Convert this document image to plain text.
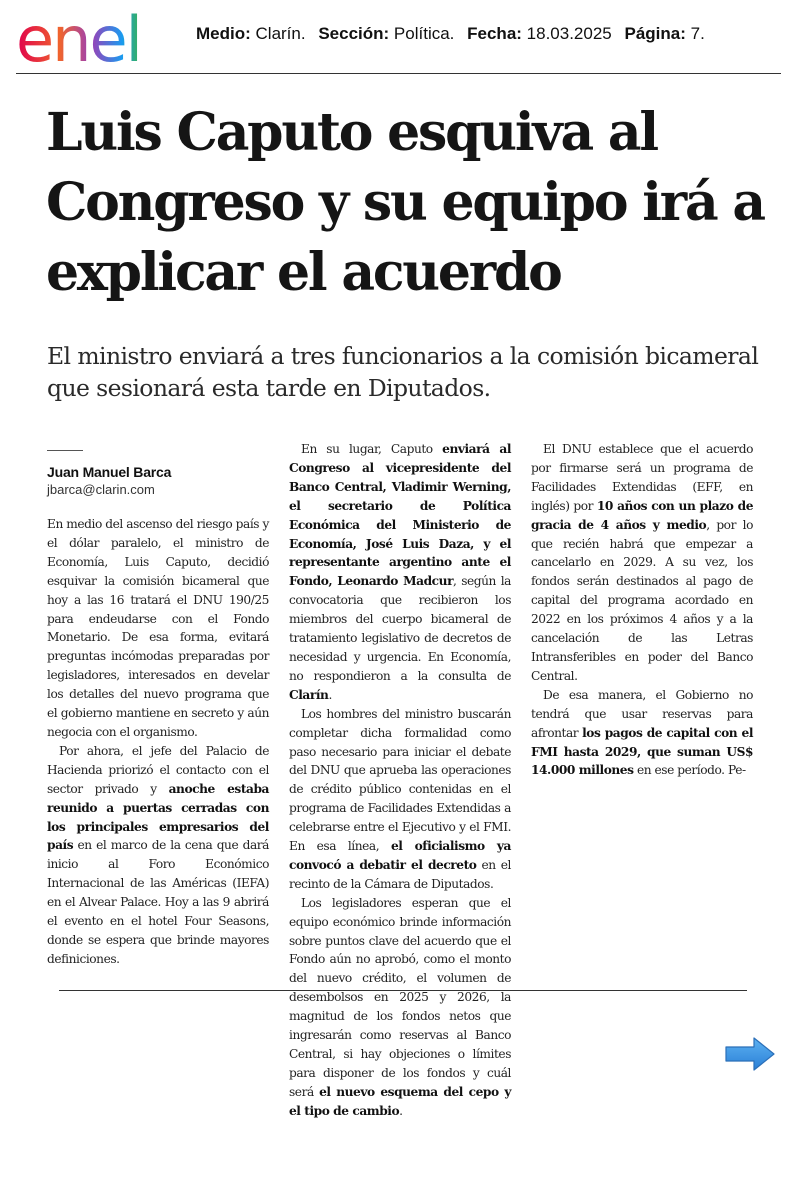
enel	Medio: Clarín. Sección: Política. Fecha: 18.03.2025 Página: 7.
Luis Caputo esquiva al Congreso y su equipo irá a explicar el acuerdo

El ministro enviará a tres funcionarios a la comisión bicameral que sesionará esta tarde en Diputados.

Juan Manuel Barca
jbarca@clarin.com

En medio del ascenso del riesgo país y el dólar paralelo, el ministro de Economía, Luis Caputo, decidió esquivar la comisión bicameral que hoy a las 16 tratará el DNU 190/25 para endeudarse con el Fondo Monetario. De esa forma, evitará preguntas incómodas preparadas por legisladores, interesados en develar los detalles del nuevo programa que el gobierno mantiene en secreto y aún negocia con el organismo.

Por ahora, el jefe del Palacio de Hacienda priorizó el contacto con el sector privado y anoche estaba reunido a puertas cerradas con los principales empresarios del país en el marco de la cena que dará inicio al Foro Económico Internacional de las Américas (IEFA) en el Alvear Palace. Hoy a las 9 abrirá el evento en el hotel Four Seasons, donde se espera que brinde mayores definiciones.

En su lugar, Caputo enviará al Congreso al vicepresidente del Banco Central, Vladimir Werning, el secretario de Política Económica del Ministerio de Economía, José Luis Daza, y el representante argentino ante el Fondo, Leonardo Madcur, según la convocatoria que recibieron los miembros del cuerpo bicameral de tratamiento legislativo de decretos de necesidad y urgencia. En Economía, no respondieron a la consulta de Clarín.

Los hombres del ministro buscarán completar dicha formalidad como paso necesario para iniciar el debate del DNU que aprueba las operaciones de crédito público contenidas en el programa de Facilidades Extendidas a celebrarse entre el Ejecutivo y el FMI. En esa línea, el oficialismo ya convocó a debatir el decreto en el recinto de la Cámara de Diputados.

Los legisladores esperan que el equipo económico brinde información sobre puntos clave del acuerdo que el Fondo aún no aprobó, como el monto del nuevo crédito, el volumen de desembolsos en 2025 y 2026, la magnitud de los fondos netos que ingresarán como reservas al Banco Central, si hay objeciones o límites para disponer de los fondos y cuál será el nuevo esquema del cepo y el tipo de cambio.

El DNU establece que el acuerdo por firmarse será un programa de Facilidades Extendidas (EFF, en inglés) por 10 años con un plazo de gracia de 4 años y medio, por lo que recién habrá que empezar a cancelarlo en 2029. A su vez, los fondos serán destinados al pago de capital del programa acordado en 2022 en los próximos 4 años y a la cancelación de las Letras Intransferibles en poder del Banco Central.

De esa manera, el Gobierno no tendrá que usar reservas para afrontar los pagos de capital con el FMI hasta 2029, que suman US$ 14.000 millones en ese período. Pe-
